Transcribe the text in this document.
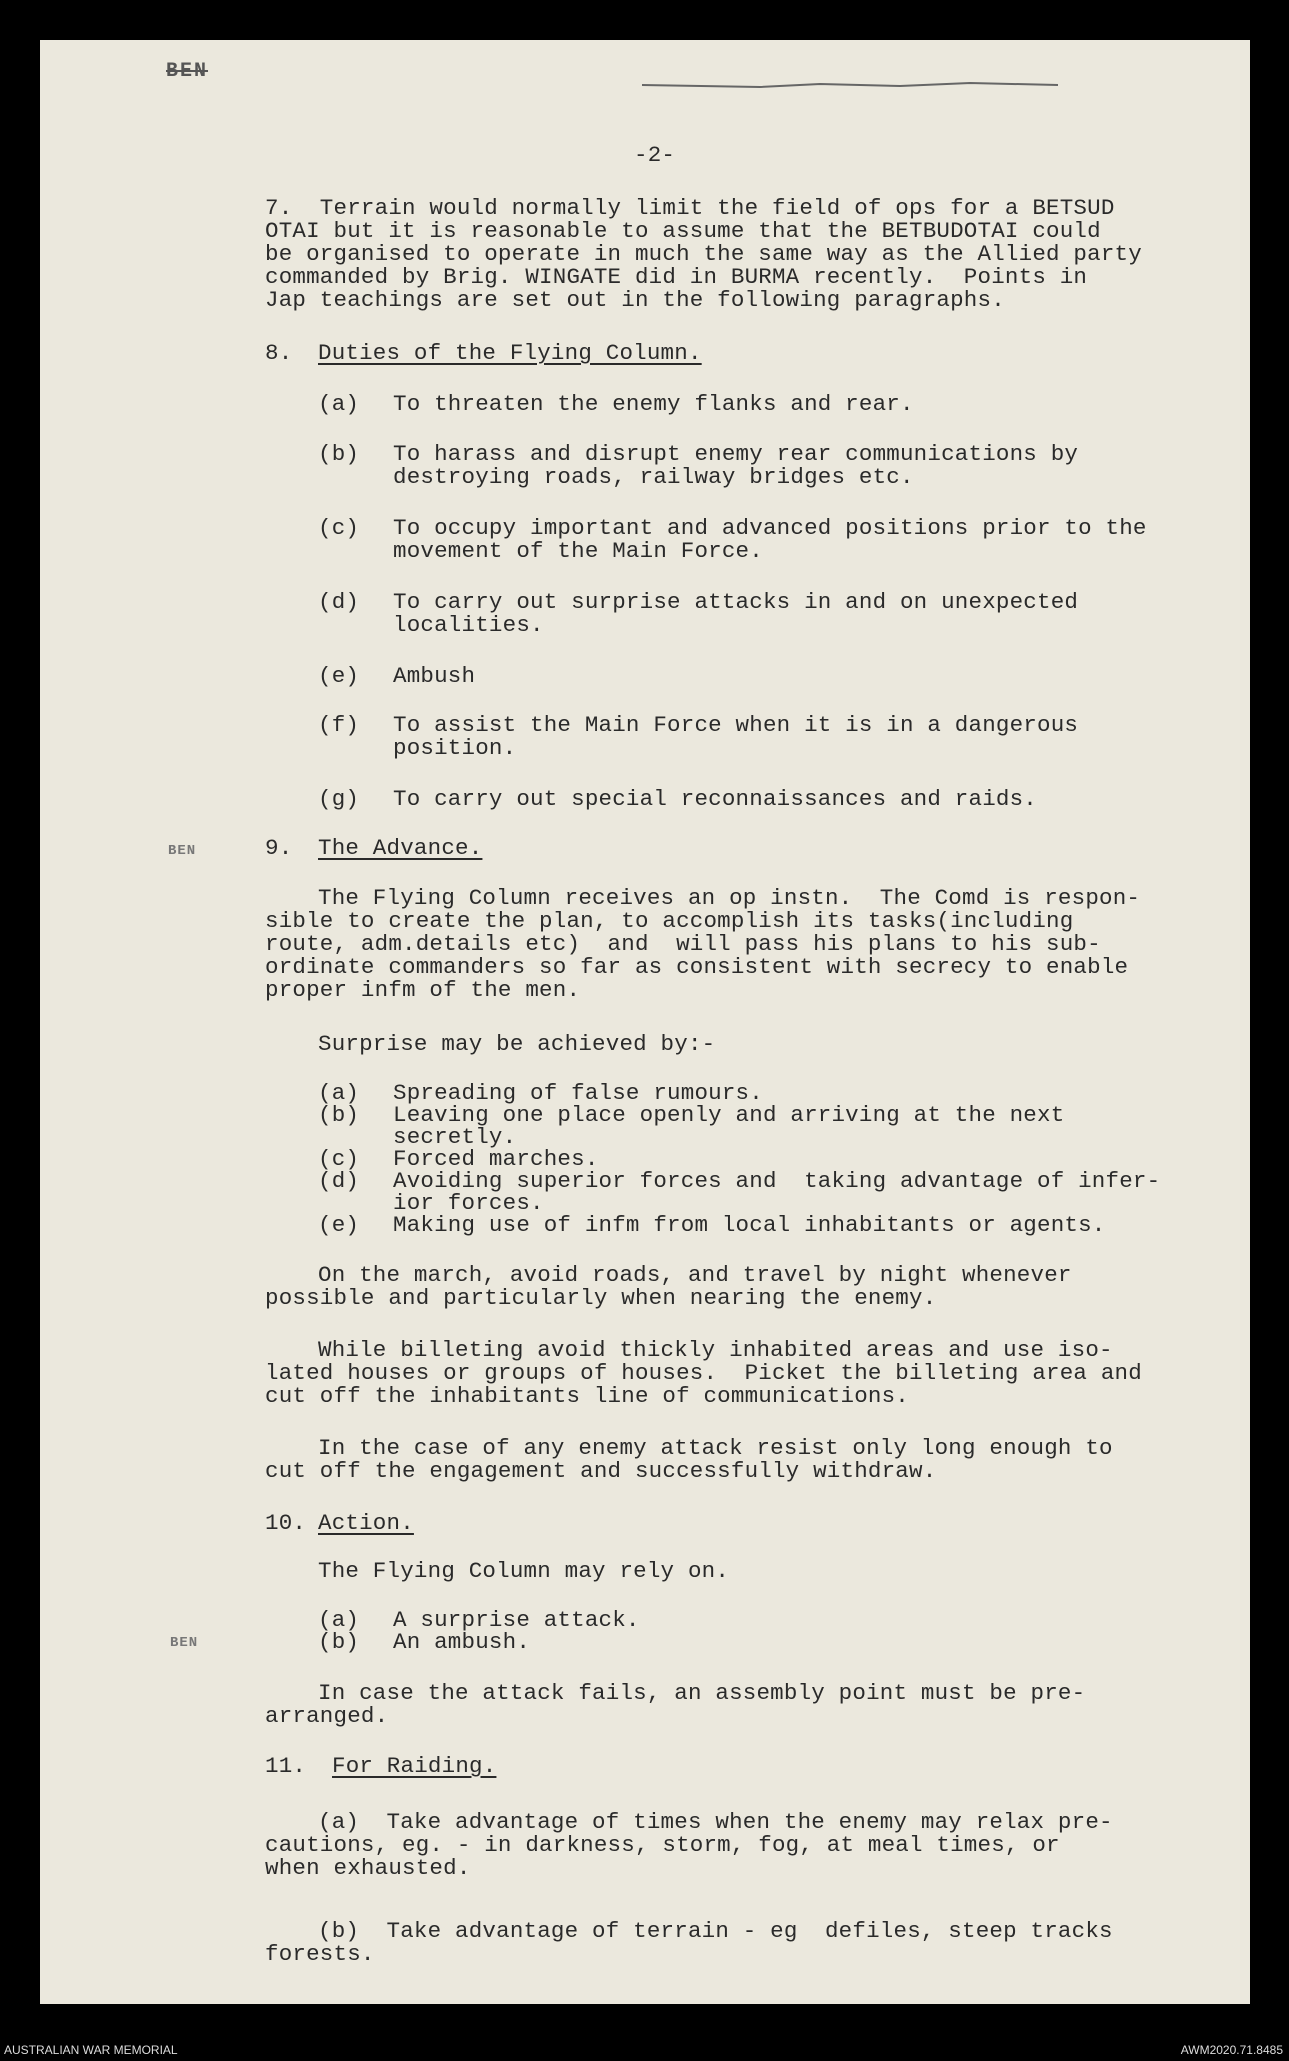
BEN
BEN
BEN
-2-
7.  Terrain would normally limit the field of ops for a BETSUD
OTAI but it is reasonable to assume that the BETBUDOTAI could
be organised to operate in much the same way as the Allied party
commanded by Brig. WINGATE did in BURMA recently.  Points in
Jap teachings are set out in the following paragraphs.
8. Duties of the Flying Column.
(a) To threaten the enemy flanks and rear.
(b) To harass and disrupt enemy rear communications by
destroying roads, railway bridges etc.
(c) To occupy important and advanced positions prior to the
movement of the Main Force.
(d) To carry out surprise attacks in and on unexpected
localities.
(e) Ambush
(f) To assist the Main Force when it is in a dangerous
position.
(g) To carry out special reconnaissances and raids.
9. The Advance.
The Flying Column receives an op instn.  The Comd is respon-
sible to create the plan, to accomplish its tasks(including
route, adm.details etc)  and  will pass his plans to his sub-
ordinate commanders so far as consistent with secrecy to enable
proper infm of the men.
Surprise may be achieved by:-
(a) Spreading of false rumours.
(b) Leaving one place openly and arriving at the next
secretly.
(c) Forced marches.
(d) Avoiding superior forces and  taking advantage of infer-
ior forces.
(e) Making use of infm from local inhabitants or agents.
On the march, avoid roads, and travel by night whenever
possible and particularly when nearing the enemy.
While billeting avoid thickly inhabited areas and use iso-
lated houses or groups of houses.  Picket the billeting area and
cut off the inhabitants line of communications.
In the case of any enemy attack resist only long enough to
cut off the engagement and successfully withdraw.
10. Action.
The Flying Column may rely on.
(a) A surprise attack.
(b) An ambush.
In case the attack fails, an assembly point must be pre-
arranged.
11. For Raiding.
(a)  Take advantage of times when the enemy may relax pre-
cautions, eg. - in darkness, storm, fog, at meal times, or
when exhausted.
(b)  Take advantage of terrain - eg  defiles, steep tracks
forests.
AUSTRALIAN WAR MEMORIAL	AWM2020.71.8485
